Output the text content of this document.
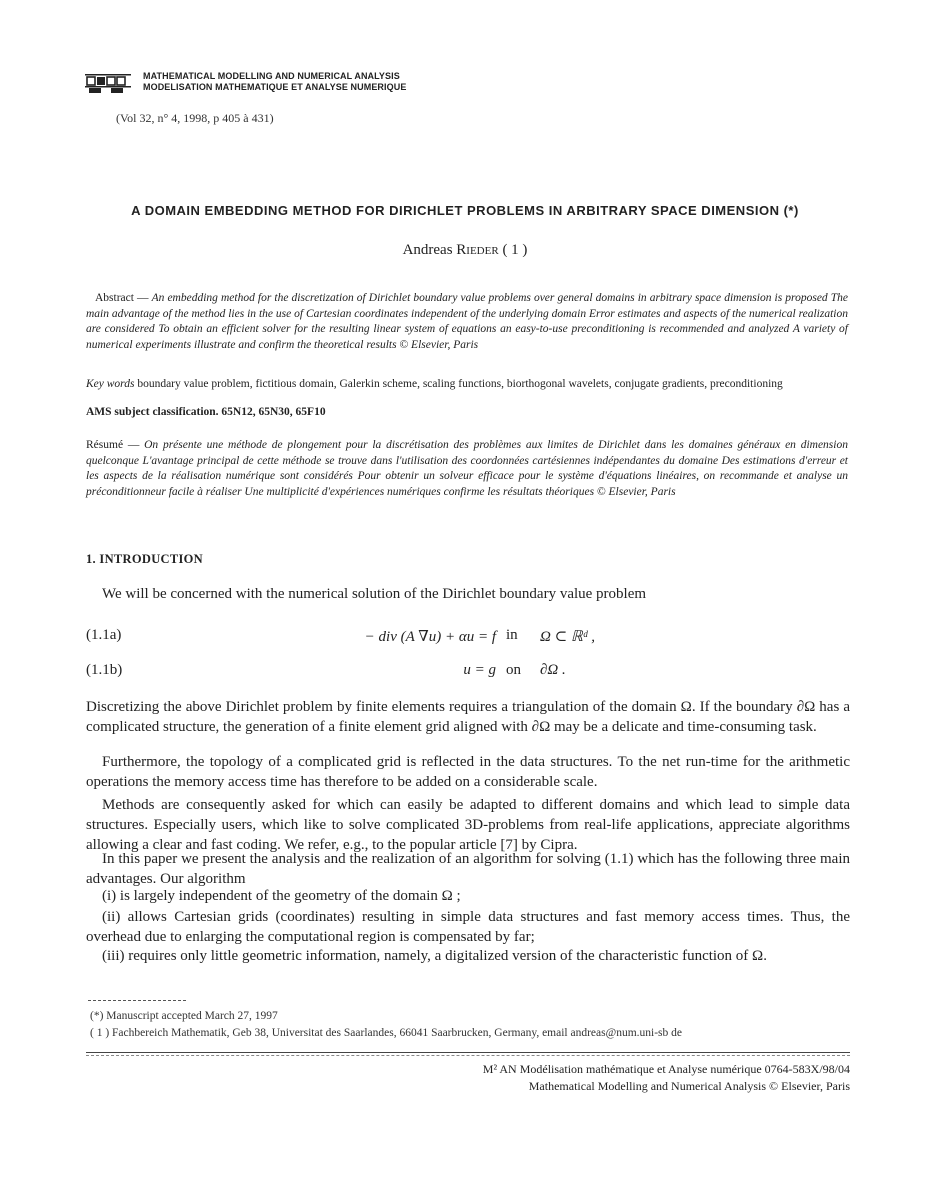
MATHEMATICAL MODELLING AND NUMERICAL ANALYSIS
MODELISATION MATHEMATIQUE ET ANALYSE NUMERIQUE
(Vol 32, n° 4, 1998, p 405 à 431)
A DOMAIN EMBEDDING METHOD FOR DIRICHLET PROBLEMS IN ARBITRARY SPACE DIMENSION (*)
Andreas Rieder ( 1 )
Abstract — An embedding method for the discretization of Dirichlet boundary value problems over general domains in arbitrary space dimension is proposed The main advantage of the method lies in the use of Cartesian coordinates independent of the underlying domain Error estimates and aspects of the numerical realization are considered To obtain an efficient solver for the resulting linear system of equations an easy-to-use preconditioning is recommended and analyzed A variety of numerical experiments illustrate and confirm the theoretical results © Elsevier, Paris
Key words boundary value problem, fictitious domain, Galerkin scheme, scaling functions, biorthogonal wavelets, conjugate gradients, preconditioning
AMS subject classification. 65N12, 65N30, 65F10
Résumé — On présente une méthode de plongement pour la discrétisation des problèmes aux limites de Dirichlet dans les domaines généraux en dimension quelconque L'avantage principal de cette méthode se trouve dans l'utilisation des coordonnées cartésiennes indépendantes du domaine Des estimations d'erreur et les aspects de la réalisation numérique sont considérés Pour obtenir un solveur efficace pour le système d'équations linéaires, on recommande et analyse un préconditionneur facile à réaliser Une multiplicité d'expériences numériques confirme les résultats théoriques © Elsevier, Paris
1. INTRODUCTION
We will be concerned with the numerical solution of the Dirichlet boundary value problem
(1.1a)	− div (A ∇u) + αu = f in Ω ⊂ ℝᵈ ,
(1.1b)	u = g on ∂Ω .
Discretizing the above Dirichlet problem by finite elements requires a triangulation of the domain Ω. If the boundary ∂Ω has a complicated structure, the generation of a finite element grid aligned with ∂Ω may be a delicate and time-consuming task.
Furthermore, the topology of a complicated grid is reflected in the data structures. To the net run-time for the arithmetic operations the memory access time has therefore to be added on a considerable scale.
Methods are consequently asked for which can easily be adapted to different domains and which lead to simple data structures. Especially users, which like to solve complicated 3D-problems from real-life applications, appreciate algorithms allowing a clear and fast coding. We refer, e.g., to the popular article [7] by Cipra.
In this paper we present the analysis and the realization of an algorithm for solving (1.1) which has the following three main advantages. Our algorithm
(i) is largely independent of the geometry of the domain Ω ;
(ii) allows Cartesian grids (coordinates) resulting in simple data structures and fast memory access times. Thus, the overhead due to enlarging the computational region is compensated by far;
(iii) requires only little geometric information, namely, a digitalized version of the characteristic function of Ω.
(*) Manuscript accepted March 27, 1997
( 1 ) Fachbereich Mathematik, Geb 38, Universitat des Saarlandes, 66041 Saarbrucken, Germany, email andreas@num.uni-sb de
M² AN Modélisation mathématique et Analyse numérique 0764-583X/98/04
Mathematical Modelling and Numerical Analysis © Elsevier, Paris
